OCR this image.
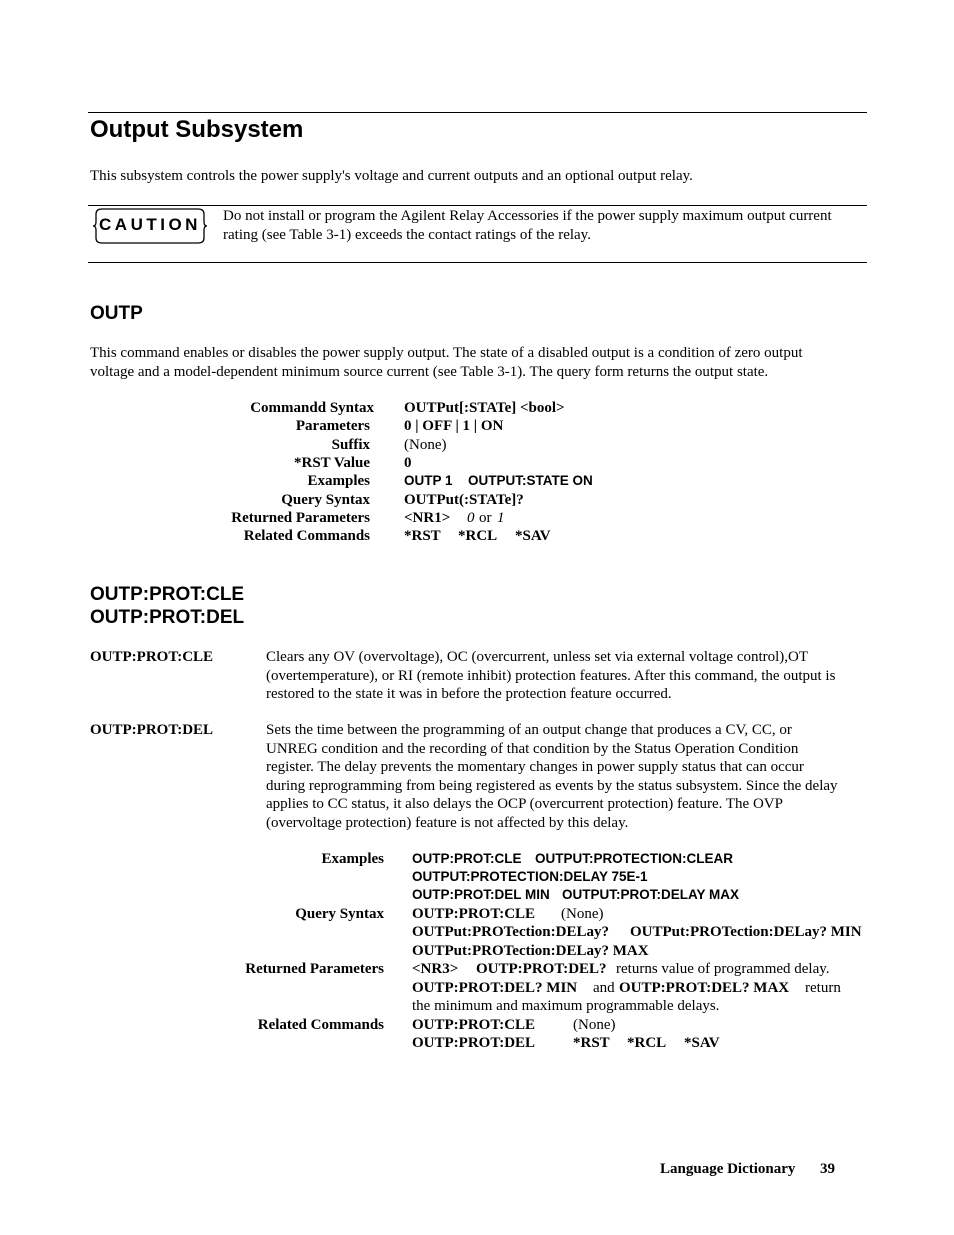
Output Subsystem
This subsystem controls the power supply's voltage and current outputs and an optional output relay.
CAUTION	Do not install or program the Agilent Relay Accessories if the power supply maximum output current
rating (see Table 3-1) exceeds the contact ratings of the relay.
OUTP
This command enables or disables the power supply output. The state of a disabled output is a condition of zero output
voltage and a model-dependent minimum source current (see Table 3-1). The query form returns the output state.
Commandd Syntax OUTPut[:STATe] <bool>
Parameters 0 | OFF | 1 | ON
Suffix (None)
*RST Value 0
Examples	OUTP 1 OUTPUT:STATE ON
Query Syntax OUTPut(:STATe]?
Returned Parameters <NR1> 0 or 1
Related Commands *RST *RCL *SAV
OUTP:PROT:CLE
OUTP:PROT:DEL
OUTP:PROT:CLE	Clears any OV (overvoltage), OC (overcurrent, unless set via external voltage control),OT
(overtemperature), or RI (remote inhibit) protection features. After this command, the output is
restored to the state it was in before the protection feature occurred.
OUTP:PROT:DEL	Sets the time between the programming of an output change that produces a CV, CC, or
UNREG condition and the recording of that condition by the Status Operation Condition
register. The delay prevents the momentary changes in power supply status that can occur
during reprogramming from being registered as events by the status subsystem. Since the delay
applies to CC status, it also delays the OCP (overcurrent protection) feature. The OVP
(overvoltage protection) feature is not affected by this delay.
Examples OUTP:PROT:CLE OUTPUT:PROTECTION:CLEAR
OUTPUT:PROTECTION:DELAY 75E-1
OUTP:PROT:DEL MIN OUTPUT:PROT:DELAY MAX
Query Syntax OUTP:PROT:CLE (None)
OUTPut:PROTection:DELay? OUTPut:PROTection:DELay? MIN
OUTPut:PROTection:DELay? MAX
Returned Parameters <NR3> OUTP:PROT:DEL? returns value of programmed delay.
OUTP:PROT:DEL? MIN and OUTP:PROT:DEL? MAX return
the minimum and maximum programmable delays.
Related Commands OUTP:PROT:CLE	(None)
OUTP:PROT:DEL	*RST *RCL *SAV
Language Dictionary 39
